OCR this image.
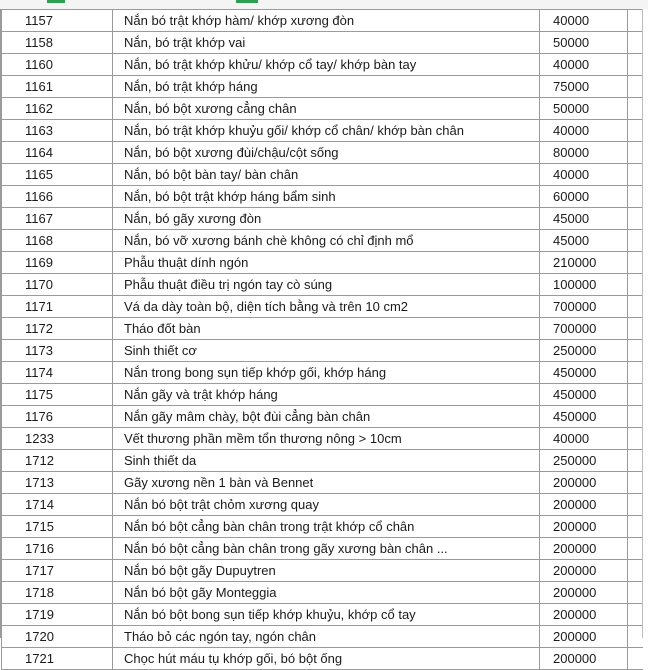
1157	Nắn bó trật khớp hàm/ khớp xương đòn	40000	
1158	Nắn, bó trật khớp vai	50000	
1160	Nắn, bó trật khớp khửu/ khớp cổ tay/ khớp bàn tay	40000	
1161	Nắn, bó trật khớp háng	75000	
1162	Nắn, bó bột xương cẳng chân	50000	
1163	Nắn, bó trật khớp khuỷu gối/ khớp cổ chân/ khớp bàn chân	40000	
1164	Nắn, bó bột xương đùi/chậu/cột sống	80000	
1165	Nắn, bó bột bàn tay/ bàn chân	40000	
1166	Nắn, bó bột trật khớp háng bẩm sinh	60000	
1167	Nắn, bó gãy xương đòn	45000	
1168	Nắn, bó vỡ xương bánh chè không có chỉ định mổ	45000	
1169	Phẫu thuật dính ngón	210000	
1170	Phẫu thuật điều trị ngón tay cò súng	100000	
1171	Vá da dày toàn bộ, diện tích bằng và trên 10 cm2	700000	
1172	Tháo đốt bàn	700000	
1173	Sinh thiết cơ	250000	
1174	Nắn trong bong sụn tiếp khớp gối, khớp háng	450000	
1175	Nắn gãy và trật khớp háng	450000	
1176	Nắn gãy mâm chày, bột đùi cẳng bàn chân	450000	
1233	Vết thương phần mềm tổn thương nông > 10cm	40000	
1712	Sinh thiết da	250000	
1713	Gãy xương nền 1 bàn và Bennet	200000	
1714	Nắn bó bột trật chỏm xương quay	200000	
1715	Nắn bó bột cẳng bàn chân trong trật khớp cổ chân	200000	
1716	Nắn bó bột cẳng bàn chân trong gãy xương bàn chân ...	200000	
1717	Nắn bó bột gãy Dupuytren	200000	
1718	Nắn bó bột gãy Monteggia	200000	
1719	Nắn bó bột bong sụn tiếp khớp khuỷu, khớp cổ tay	200000	
1720	Tháo bỏ các ngón tay, ngón chân	200000	
1721	Chọc hút máu tụ khớp gối, bó bột ống	200000	
